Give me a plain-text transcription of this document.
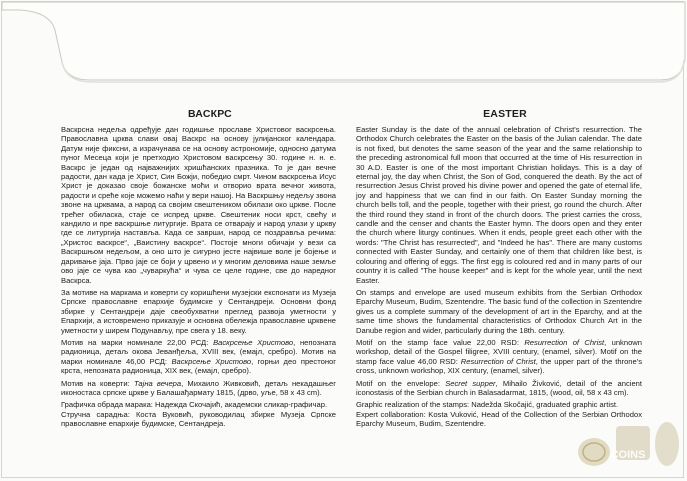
ВАСКРС	EASTER

Васкрсна недеља одређује дан годишње прославе Христовог васкрсења. Православна црква слави овај Васкрс на основу јулијанског календара. Датум није фиксни, а израчунава се на основу астрономије, односно датума пуног Месеца који је претходио Христовом васкрсењу 30. године н. н. е. Васкрс је један од најважнијих хришћанских празника. То је дан вечне радости, дан када је Христ, Син Божји, победио смрт. Чином васкрсења Исус Христ је доказао своје божанске моћи и отворио врата вечног живота, радости и среће које можемо наћи у вери нашој. На Васкршњу недељу звона звоне на црквама, а народ са својим свештеником обилази око цркве. После трећег обиласка, стаје се испред цркве. Свештеник носи крст, свећу и кандило и пре васкршње литургије. Врата се отварају и народ улази у цркву где се литургија наставља. Када се заврши, народ се поздравља речима: „Христос васкрсе“, „Ваистину васкрсе“. Постоје многи обичаји у вези са Васкршњом недељом, а оно што је сигурно јесте највише воле је бојење и даривање јаја. Прво јаје се боји у црвено и у многим деловима наше земље ово јаје се чува као „чуваркућа“ и чува се целе године, све до наредног Васкрса.

За мотиве на маркама и коверти су коришћени музејски експонати из Музеја Српске православне епархије будимске у Сентандреји. Основни фонд збирке у Сентандреји даје свеобухватни преглед развоја уметности у Епархији, а истовремено приказује и основна обележја православне црквене уметности у ширем Подунављу, пре свега у 18. веку.

Мотив на марки номинале 22,00 РСД: Васкрсење Христово, непозната радионица, детаљ окова Јеванђеља, XVIII век, (емајл, сребро). Мотив на марки номинале 46,00 РСД: Васкрсење Христово, горњи део престоног крста, непозната радионица, XIX век, (емајл, сребро).

Мотив на коверти: Тајна вечера, Михаило Живковић, детаљ некадашњег иконостаса српске цркве у Балашађармату 1815, (дрво, уље, 58 x 43 cm).

Графичка обрада марака: Надежда Скочајић, академски сликар-графичар.
Стручна сарадња: Коста Вуковић, руководилац збирке Музеја Српске православне епархије будимске, Сентандреја.

Easter Sunday is the date of the annual celebration of Christ's resurrection. The Orthodox Church celebrates the Easter on the basis of the Julian calendar. The date is not fixed, but denotes the same season of the year and the same relationship to the preceding astronomical full moon that occurred at the time of His resurrection in 30 A.D. Easter is one of the most important Christian holidays. This is a day of eternal joy, the day when Christ, the Son of God, conquered the death. By the act of resurrection Jesus Christ proved his divine power and opened the gate of eternal life, joy and happiness that we can find in our faith. On Easter Sunday morning the church bells toll, and the people, together with their priest, go round the church. After the third round they stand in front of the church doors. The priest carries the cross, candle and the censer and chants the Easter hymn. The doors open and they enter the church where liturgy continues. When it ends, people greet each other with the words: "The Christ has resurrected", and "Indeed he has". There are many customs connected with Easter Sunday, and certainly one of them that children like best, is colouring and offering of eggs. The first egg is coloured red and in many parts of our country it is called "The house keeper" and is kept for the whole year, until the next Easter.

On stamps and envelope are used museum exhibits from the Serbian Orthodox Eparchy Museum, Budim, Szentendre. The basic fund of the collection in Szentendre gives us a complete summary of the development of art in the Eparchy, and at the same time shows the fundamental characteristics of Orthodox Church Art in the Danube region and wider, particularly during the 18th. century.

Motif on the stamp face value 22,00 RSD: Resurrection of Christ, unknown workshop, detail of the Gospel filigree, XVIII century, (enamel, silver). Motif on the stamp face value 46,00 RSD: Resurrection of Christ, the upper part of the throne's cross, unknown workshop, XIX century, (enamel, silver).

Motif on the envelope: Secret supper, Mihailo Živković, detail of the ancient iconostasis of the Serbian church in Balasadarmat, 1815, (wood, oil, 58 x 43 cm).

Graphic realization of the stamps: Nadežda Skočajić, graduated graphic artist.
Expert collaboration: Kosta Vuković, Head of the Collection of the Serbian Orthodox Eparchy Museum, Budim, Szentendre.

COINS
